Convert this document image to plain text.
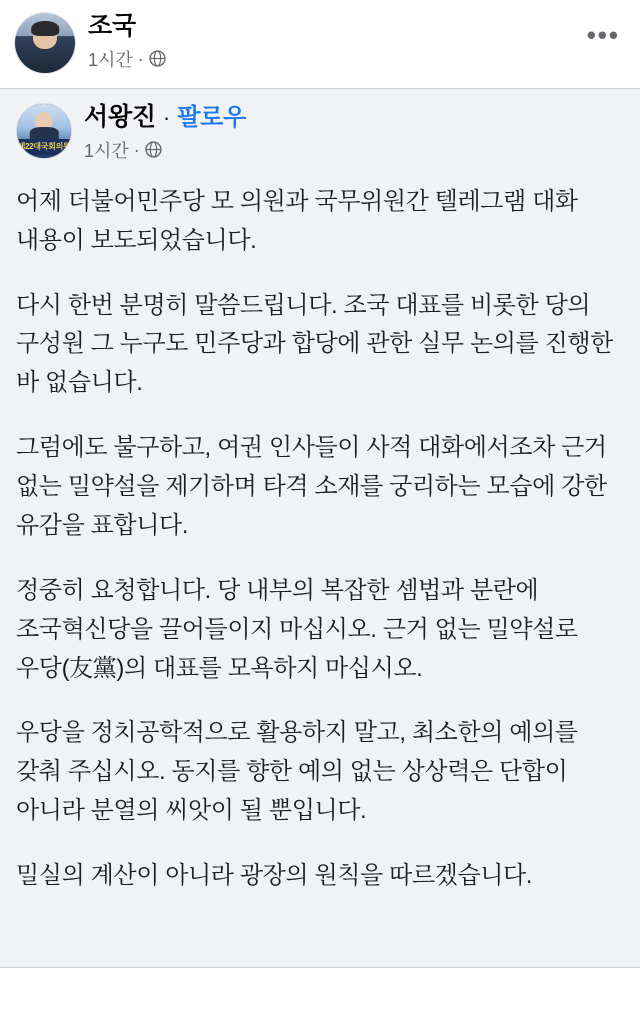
조국
1시간 ·
•••
제22대국회의원
서왕진 · 팔로우
1시간 ·

어제 더불어민주당 모 의원과 국무위원간 텔레그램 대화 내용이 보도되었습니다.

다시 한번 분명히 말씀드립니다. 조국 대표를 비롯한 당의 구성원 그 누구도 민주당과 합당에 관한 실무 논의를 진행한 바 없습니다.

그럼에도 불구하고, 여권 인사들이 사적 대화에서조차 근거 없는 밀약설을 제기하며 타격 소재를 궁리하는 모습에 강한 유감을 표합니다.

정중히 요청합니다. 당 내부의 복잡한 셈법과 분란에 조국혁신당을 끌어들이지 마십시오. 근거 없는 밀약설로 우당(友黨)의 대표를 모욕하지 마십시오.

우당을 정치공학적으로 활용하지 말고, 최소한의 예의를 갖춰 주십시오. 동지를 향한 예의 없는 상상력은 단합이 아니라 분열의 씨앗이 될 뿐입니다.

밀실의 계산이 아니라 광장의 원칙을 따르겠습니다.
